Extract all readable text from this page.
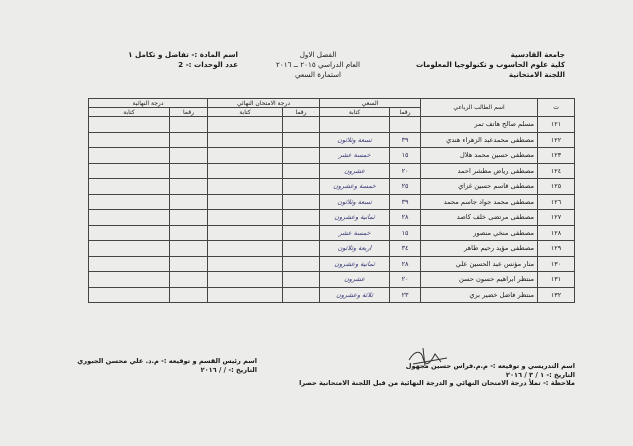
جامعة القادسية
كلية علوم الحاسوب و تكنولوجيا المعلومات
اللجنة الامتحانية
الفصل الاول
العام الدراسي ٢٠١٥ ــ ٢٠١٦
استمارة السعي
اسم المادة :- تفاضل و تكامل ١
عدد الوحدات :- 2
ت	اسم الطالب الرباعي	السعي		درجة الامتحان النهائي		درجة النهائية	
		رقما	كتابة	رقما	كتابة	رقما	كتابة
١٢١	مسلم صالح هاتف تمر						
١٢٢	مصطفى محمدعبد الزهراء هندي	٣٩	تسعة وثلاثون				
١٢٣	مصطفى حسين محمد هلال	١٥	خمسة عشر				
١٢٤	مصطفى رياض مطشر احمد	٢٠	عشرون				
١٢٥	مصطفى قاسم حسين غزاي	٢٥	خمسة وعشرون				
١٢٦	مصطفى محمد جواد جاسم محمد	٣٩	تسعة وثلاثون				
١٢٧	مصطفى مرتضى خلف كاصد	٢٨	ثمانية وعشرون				
١٢٨	مصطفى منخي منصور	١٥	خمسة عشر				
١٢٩	مصطفى مؤيد رحيم طاهر	٣٤	اربعة وثلاثون				
١٣٠	منار مؤنس عبد الحسين علي	٢٨	ثمانية وعشرون				
١٣١	منتظر ابراهيم حسون حسن	٢٠	عشرون				
١٣٢	منتظر فاضل خضير بري	٢٣	ثلاثة وعشرون				
اسم التدريسي و توقيعه :- م.م.فراس حسين مجهول
التاريخ :- ١ / ٣ / ٢٠١٦
ملاحظة :- تملأ درجة الامتحان النهائي و الدرجة النهائية من قبل اللجنة الامتحانية حصرا
اسم رئيس القسم و توقيعه :- م.د. علي محسن الجبوري
التاريخ :- / / ٢٠١٦
